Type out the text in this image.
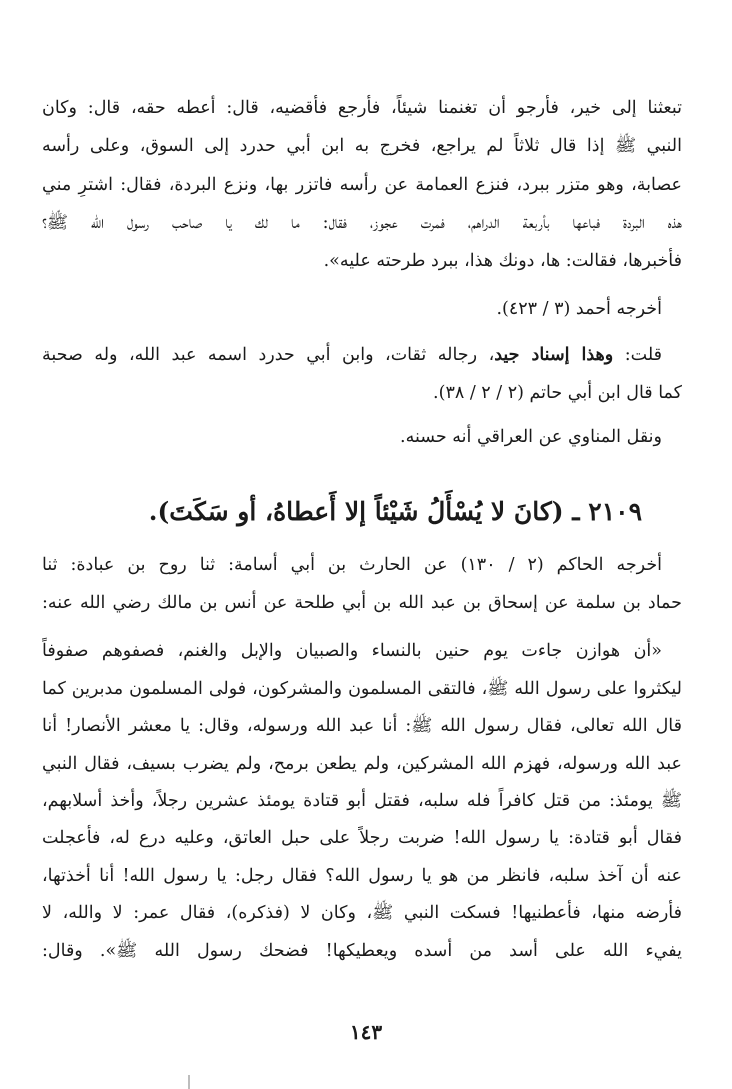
تبعثنا إلى خير، فأرجو أن تغنمنا شيئاً، فأرجع فأقضيه، قال: أعطه حقه، قال: وكان
النبي ﷺ إذا قال ثلاثاً لم يراجع، فخرج به ابن أبي حدرد إلى السوق، وعلى رأسه
عصابة، وهو متزر ببرد، فنزع العمامة عن رأسه فاتزر بها، ونزع البردة، فقال: اشترِ مني
هذه البردة فباعها بأربعة الدراهم، فمرت عجوز، فقال: ما لك يا صاحب رسول الله ﷺ؟
فأخبرها، فقالت: ها، دونك هذا، ببرد طرحته عليه».
أخرجه أحمد (٣ / ٤٢٣).
قلت: وهذا إسناد جيد، رجاله ثقات، وابن أبي حدرد اسمه عبد الله، وله صحبة
كما قال ابن أبي حاتم (٢ / ٢ / ٣٨).
ونقل المناوي عن العراقي أنه حسنه.
٢١٠٩ ـ (كانَ لا يُسْأَلُ شَيْئاً إلا أَعطاهُ، أو سَكَتَ).
أخرجه الحاكم (٢ / ١٣٠) عن الحارث بن أبي أسامة: ثنا روح بن عبادة: ثنا
حماد بن سلمة عن إسحاق بن عبد الله بن أبي طلحة عن أنس بن مالك رضي الله عنه:
«أن هوازن جاءت يوم حنين بالنساء والصبيان والإبل والغنم، فصفوهم صفوفاً
ليكثروا على رسول الله ﷺ، فالتقى المسلمون والمشركون، فولى المسلمون مدبرين كما
قال الله تعالى، فقال رسول الله ﷺ: أنا عبد الله ورسوله، وقال: يا معشر الأنصار! أنا
عبد الله ورسوله، فهزم الله المشركين، ولم يطعن برمح، ولم يضرب بسيف، فقال النبي
ﷺ يومئذ: من قتل كافراً فله سلبه، فقتل أبو قتادة يومئذ عشرين رجلاً، وأخذ أسلابهم،
فقال أبو قتادة: يا رسول الله! ضربت رجلاً على حبل العاتق، وعليه درع له، فأعجلت
عنه أن آخذ سلبه، فانظر من هو يا رسول الله؟ فقال رجل: يا رسول الله! أنا أخذتها،
فأرضه منها، فأعطنيها! فسكت النبي ﷺ، وكان لا (فذكره)، فقال عمر: لا والله، لا
يفيء الله على أسد من أسده ويعطيكها! فضحك رسول الله ﷺ». وقال:
١٤٣
